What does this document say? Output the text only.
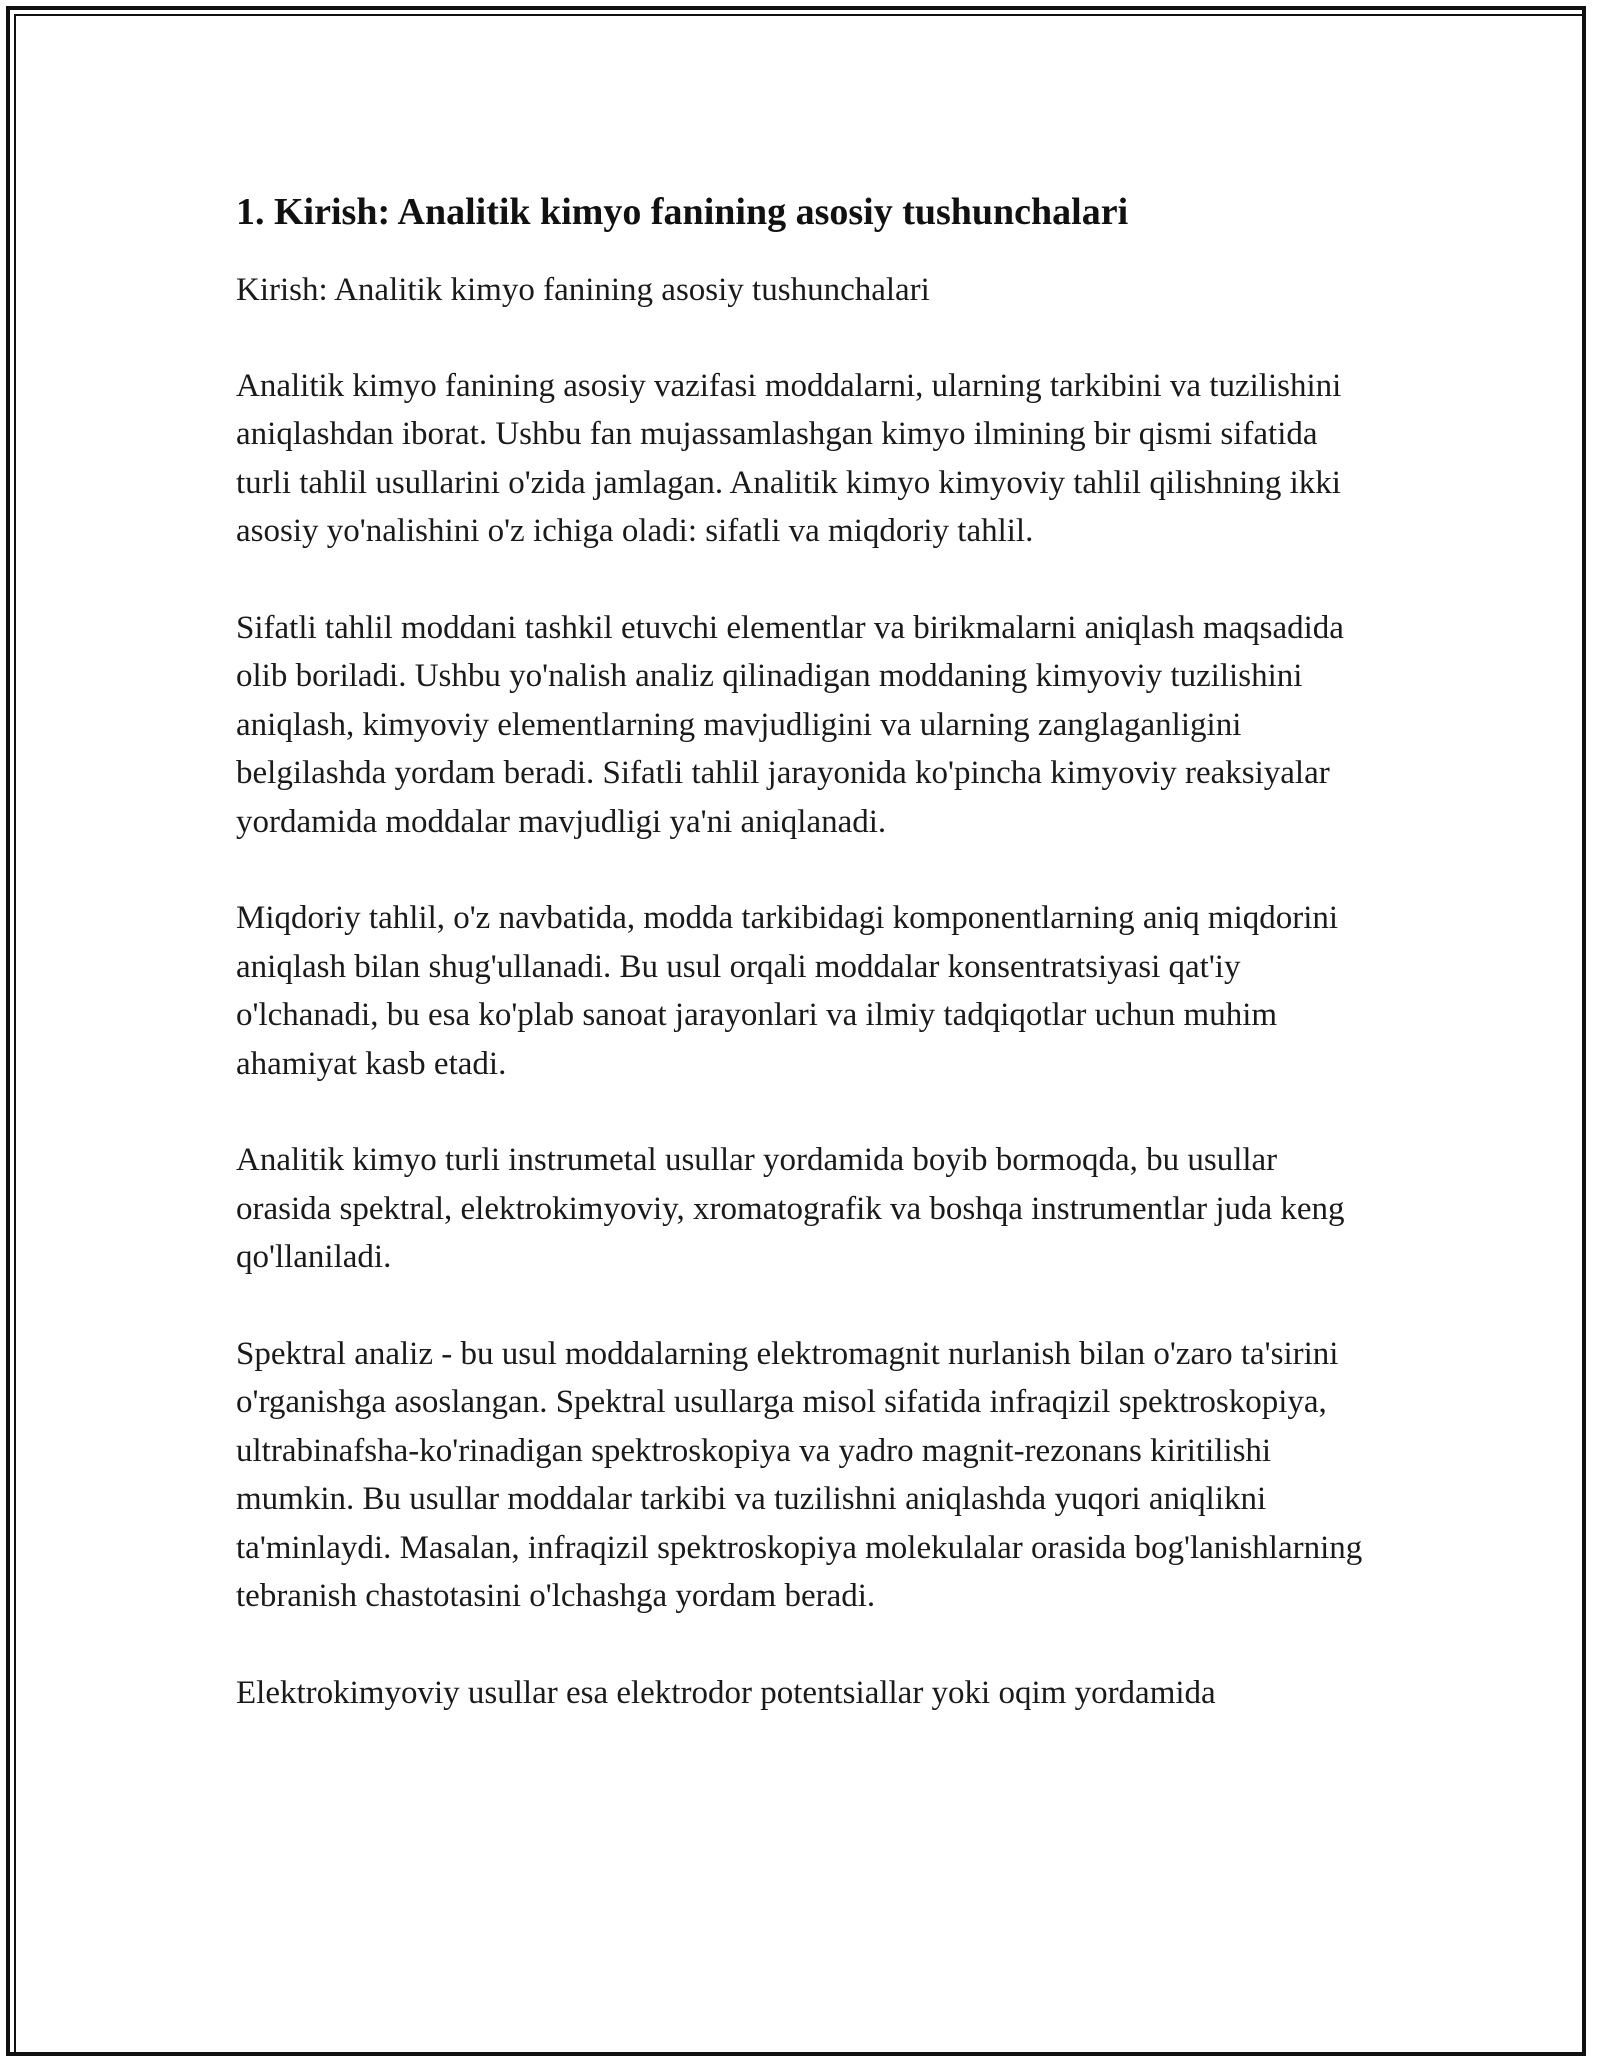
1. Kirish: Analitik kimyo fanining asosiy tushunchalari
Kirish: Analitik kimyo fanining asosiy tushunchalari

Analitik kimyo fanining asosiy vazifasi moddalarni, ularning tarkibini va tuzilishini aniqlashdan iborat. Ushbu fan mujassamlashgan kimyo ilmining bir qismi sifatida turli tahlil usullarini o'zida jamlagan. Analitik kimyo kimyoviy tahlil qilishning ikki asosiy yo'nalishini o'z ichiga oladi: sifatli va miqdoriy tahlil.

Sifatli tahlil moddani tashkil etuvchi elementlar va birikmalarni aniqlash maqsadida olib boriladi. Ushbu yo'nalish analiz qilinadigan moddaning kimyoviy tuzilishini aniqlash, kimyoviy elementlarning mavjudligini va ularning zanglaganligini belgilashda yordam beradi. Sifatli tahlil jarayonida ko'pincha kimyoviy reaksiyalar yordamida moddalar mavjudligi ya'ni aniqlanadi.

Miqdoriy tahlil, o'z navbatida, modda tarkibidagi komponentlarning aniq miqdorini aniqlash bilan shug'ullanadi. Bu usul orqali moddalar konsentratsiyasi qat'iy o'lchanadi, bu esa ko'plab sanoat jarayonlari va ilmiy tadqiqotlar uchun muhim ahamiyat kasb etadi.

Analitik kimyo turli instrumetal usullar yordamida boyib bormoqda, bu usullar orasida spektral, elektrokimyoviy, xromatografik va boshqa instrumentlar juda keng qo'llaniladi.

Spektral analiz - bu usul moddalarning elektromagnit nurlanish bilan o'zaro ta'sirini o'rganishga asoslangan. Spektral usullarga misol sifatida infraqizil spektroskopiya, ultrabinafsha-ko'rinadigan spektroskopiya va yadro magnit-rezonans kiritilishi mumkin. Bu usullar moddalar tarkibi va tuzilishni aniqlashda yuqori aniqlikni ta'minlaydi. Masalan, infraqizil spektroskopiya molekulalar orasida bog'lanishlarning tebranish chastotasini o'lchashga yordam beradi.

Elektrokimyoviy usullar esa elektrodor potentsiallar yoki oqim yordamida
